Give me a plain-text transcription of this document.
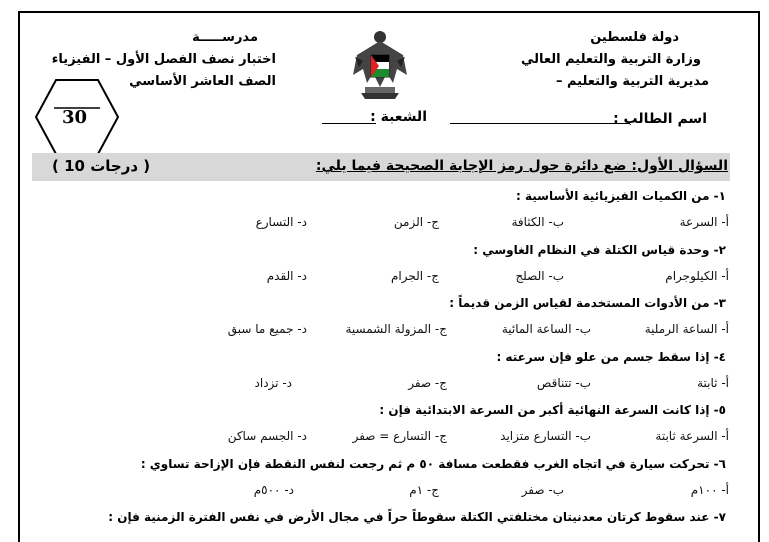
دولة فلسطين
وزارة التربية والتعليم العالي
مديرية التربية والتعليم –
مدرســـــة
اختبار نصف الفصل الأول – الفيزياء
الصف العاشر الأساسي
اسم الطالب :
الشعبة :
30
السؤال الأول: ضع دائرة حول رمز الإجابة الصحيحة فيما يلي:
( 10 درجات )
١- من الكميات الفيزيائية الأساسية :
أ- السرعة
ب- الكثافة
ج- الزمن
د- التسارع
٢- وحدة قياس الكتلة في النظام الغاوسي :
أ- الكيلوجرام
ب- الصلج
ج- الجرام
د- القدم
٣- من الأدوات المستخدمة لقياس الزمن قديماً :
أ- الساعة الرملية
ب- الساعة المائية
ج- المزولة الشمسية
د- جميع ما سبق
٤- إذا سقط جسم من علو فإن سرعته :
أ- ثابتة
ب- تتناقص
ج- صفر
د- تزداد
٥- إذا كانت السرعة النهائية أكبر من السرعة الابتدائية فإن :
أ- السرعة ثابتة
ب- التسارع متزايد
ج- التسارع = صفر
د- الجسم ساكن
٦- تحركت سيارة في اتجاه الغرب فقطعت مسافة ٥٠ م ثم رجعت لنفس النقطة فإن الإزاحة تساوي :
أ- ١٠٠م
ب- صفر
ج- ١م
د- ٥٠٠م
٧- عند سقوط كرتان معدنيتان مختلفتي الكتلة سقوطاً حراً في مجال الأرض في نفس الفترة الزمنية فإن :
